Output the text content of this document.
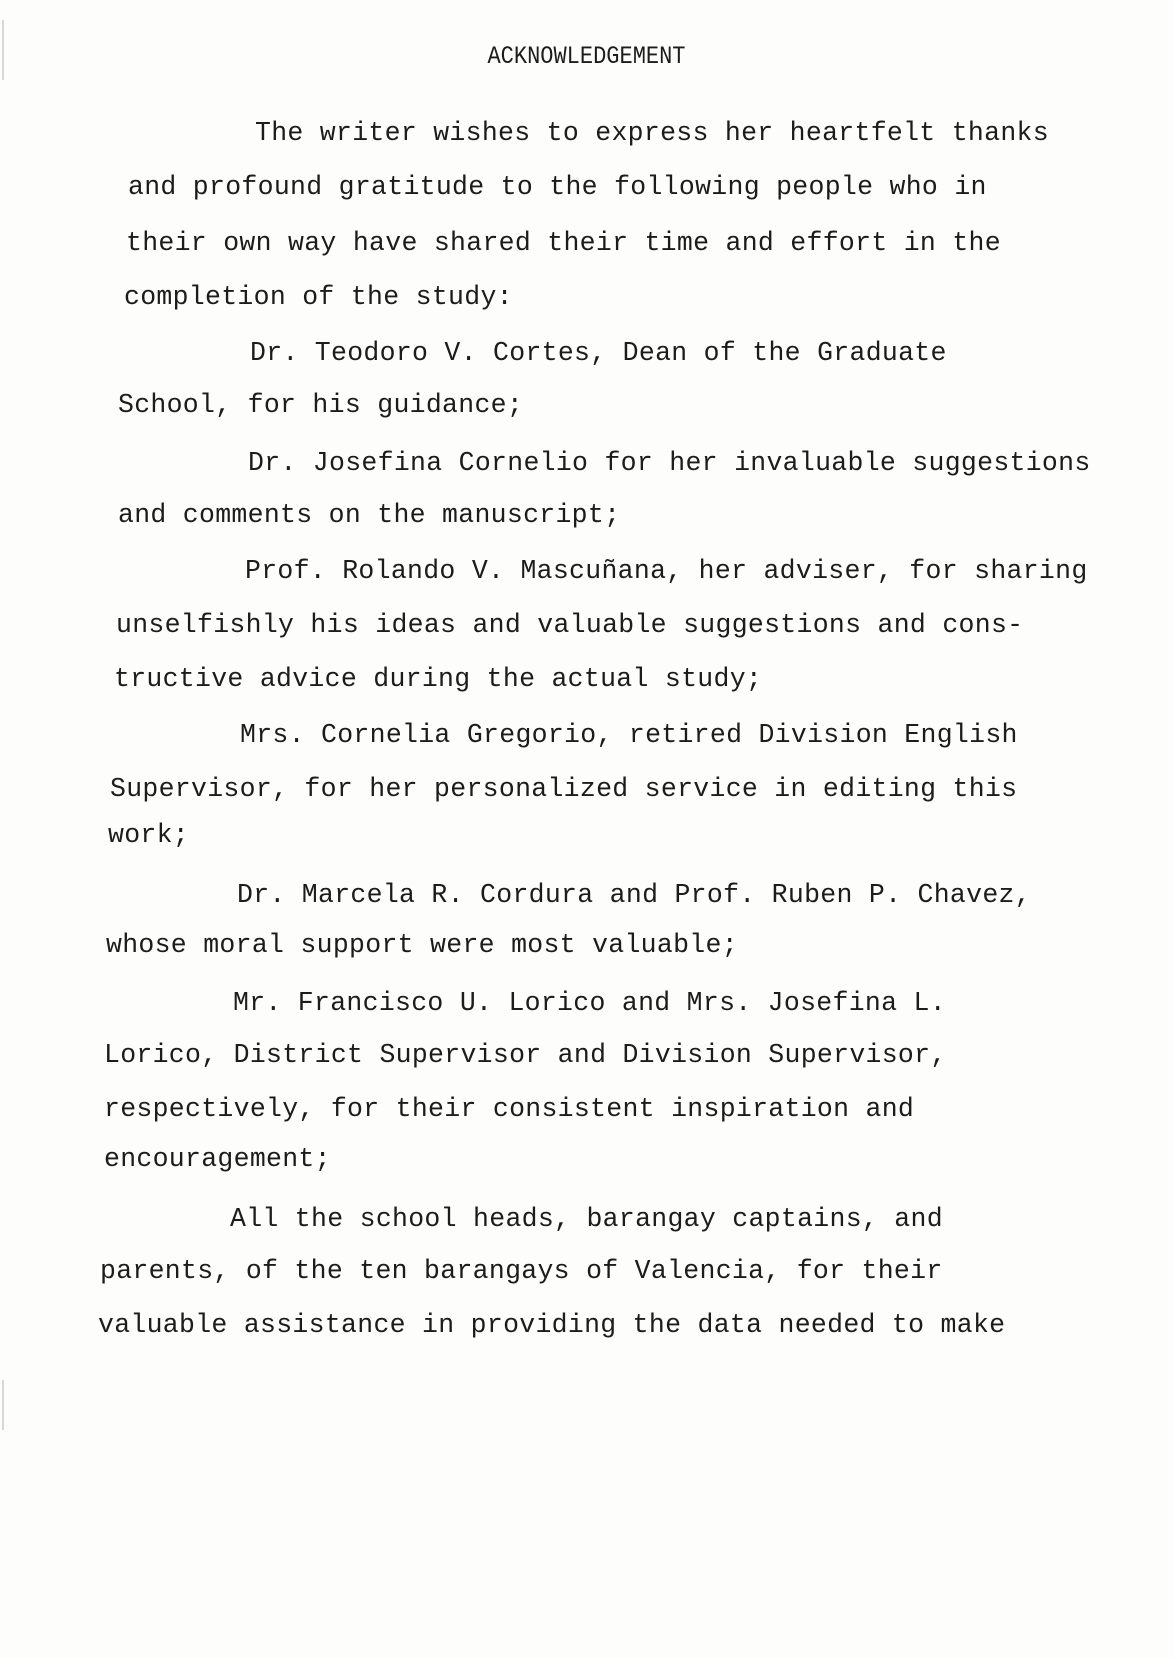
ACKNOWLEDGEMENT

The writer wishes to express her heartfelt thanks

and profound gratitude to the following people who in

their own way have shared their time and effort in the

completion of the study:

Dr. Teodoro V. Cortes, Dean of the Graduate

School, for his guidance;

Dr. Josefina Cornelio for her invaluable suggestions

and comments on the manuscript;

Prof. Rolando V. Mascuñana, her adviser, for sharing

unselfishly his ideas and valuable suggestions and cons-

tructive advice during the actual study;

Mrs. Cornelia Gregorio, retired Division English

Supervisor, for her personalized service in editing this

work;

Dr. Marcela R. Cordura and Prof. Ruben P. Chavez,

whose moral support were most valuable;

Mr. Francisco U. Lorico and Mrs. Josefina L.

Lorico, District Supervisor and Division Supervisor,

respectively, for their consistent inspiration and

encouragement;

All the school heads, barangay captains, and

parents, of the ten barangays of Valencia, for their

valuable assistance in providing the data needed to make
